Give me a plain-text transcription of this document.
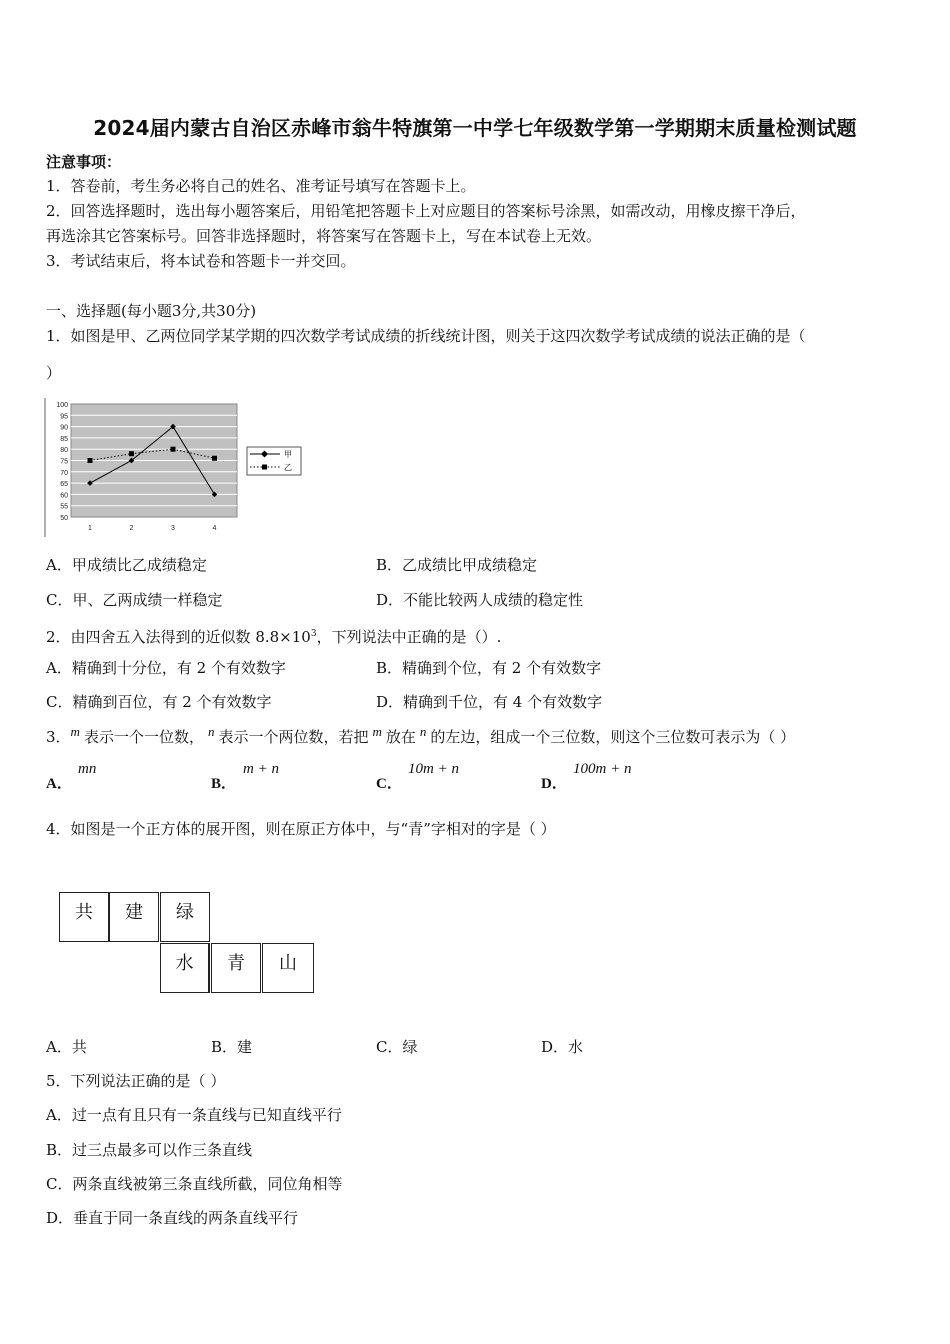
2024届内蒙古自治区赤峰市翁牛特旗第一中学七年级数学第一学期期末质量检测试题
注意事项：
1．答卷前，考生务必将自己的姓名、准考证号填写在答题卡上。
2．回答选择题时，选出每小题答案后，用铅笔把答题卡上对应题目的答案标号涂黑，如需改动，用橡皮擦干净后，
再选涂其它答案标号。回答非选择题时，将答案写在答题卡上，写在本试卷上无效。
3．考试结束后，将本试卷和答题卡一并交回。
一、选择题(每小题3分,共30分)
1．如图是甲、乙两位同学某学期的四次数学考试成绩的折线统计图，则关于这四次数学考试成绩的说法正确的是（
）
100
95
90
85
80
75
70
65
60
55
50
1	2	3	4
甲
乙
A．甲成绩比乙成绩稳定	B．乙成绩比甲成绩稳定
C．甲、乙两成绩一样稳定	D．不能比较两人成绩的稳定性
2．由四舍五入法得到的近似数 $8.8\times 10^3$，下列说法中正确的是（）.
A．精确到十分位，有 2 个有效数字	B．精确到个位，有 2 个有效数字
C．精确到百位，有 2 个有效数字	D．精确到千位，有 4 个有效数字
3．m 表示一个一位数， n 表示一个两位数，若把 m 放在 n 的左边，组成一个三位数，则这个三位数可表示为（ ）
A．
mn
B．
m + n
C．
10m + n
D．
100m + n
4．如图是一个正方体的展开图，则在原正方体中，与“青”字相对的字是（ ）
共	建	绿
水	青	山
A．共	B．建	C．绿	D．水
5．下列说法正确的是（ ）
A．过一点有且只有一条直线与已知直线平行
B．过三点最多可以作三条直线
C．两条直线被第三条直线所截，同位角相等
D．垂直于同一条直线的两条直线平行
